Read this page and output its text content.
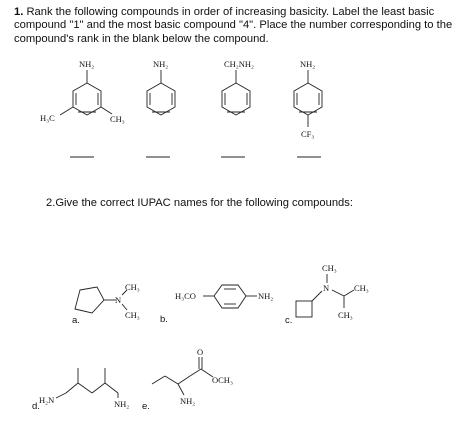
1. Rank the following compounds in order of increasing basicity. Label the least basic compound "1" and the most basic compound "4". Place the number corresponding to the compound's rank in the blank below the compound.
2.Give the correct IUPAC names for the following compounds:
NH₂
H₃C	CH₃
NH₂	CH₂NH₂	NH₂
CF₃
N
CH₃
CH₃
a.
H₃CO	NH₂
b.
CH₃
N	CH₃
CH₃
c.
H₂N	NH₂
d.
O
OCH₃
NH₂
e.
